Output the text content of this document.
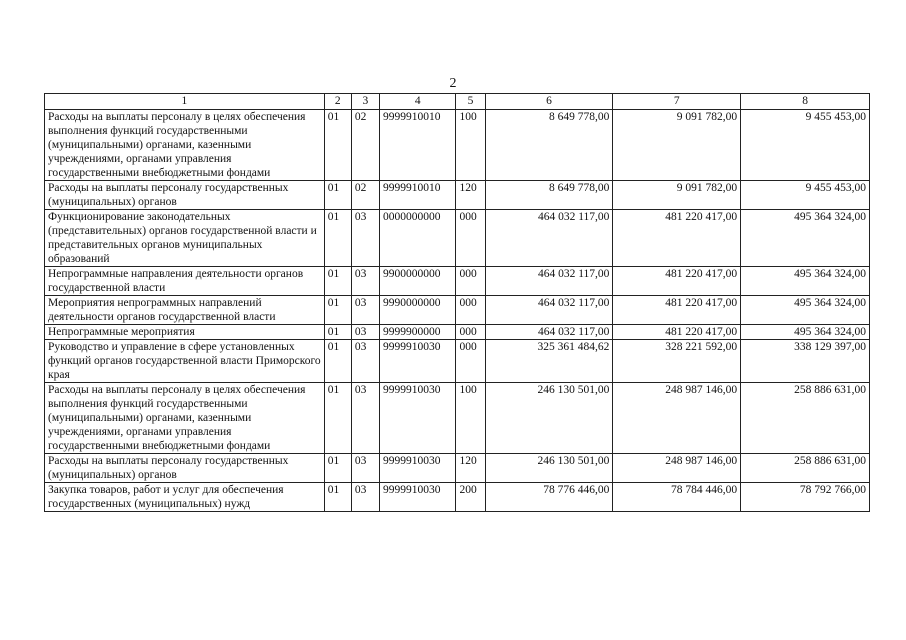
2
1	2	3	4	5	6	7	8
Расходы на выплаты персоналу в целях обеспечения выполнения функций государственными (муниципальными) органами, казенными учреждениями, органами управления государственными внебюджетными фондами	01	02	9999910010	100	8 649 778,00	9 091 782,00	9 455 453,00
Расходы на выплаты персоналу государственных (муниципальных) органов	01	02	9999910010	120	8 649 778,00	9 091 782,00	9 455 453,00
Функционирование законодательных (представительных) органов государственной власти и представительных органов муниципальных образований	01	03	0000000000	000	464 032 117,00	481 220 417,00	495 364 324,00
Непрограммные направления деятельности органов государственной власти	01	03	9900000000	000	464 032 117,00	481 220 417,00	495 364 324,00
Мероприятия непрограммных направлений деятельности органов государственной власти	01	03	9990000000	000	464 032 117,00	481 220 417,00	495 364 324,00
Непрограммные мероприятия	01	03	9999900000	000	464 032 117,00	481 220 417,00	495 364 324,00
Руководство и управление в сфере установленных функций органов государственной власти Приморского края	01	03	9999910030	000	325 361 484,62	328 221 592,00	338 129 397,00
Расходы на выплаты персоналу в целях обеспечения выполнения функций государственными (муниципальными) органами, казенными учреждениями, органами управления государственными внебюджетными фондами	01	03	9999910030	100	246 130 501,00	248 987 146,00	258 886 631,00
Расходы на выплаты персоналу государственных (муниципальных) органов	01	03	9999910030	120	246 130 501,00	248 987 146,00	258 886 631,00
Закупка товаров, работ и услуг для обеспечения государственных (муниципальных) нужд	01	03	9999910030	200	78 776 446,00	78 784 446,00	78 792 766,00
